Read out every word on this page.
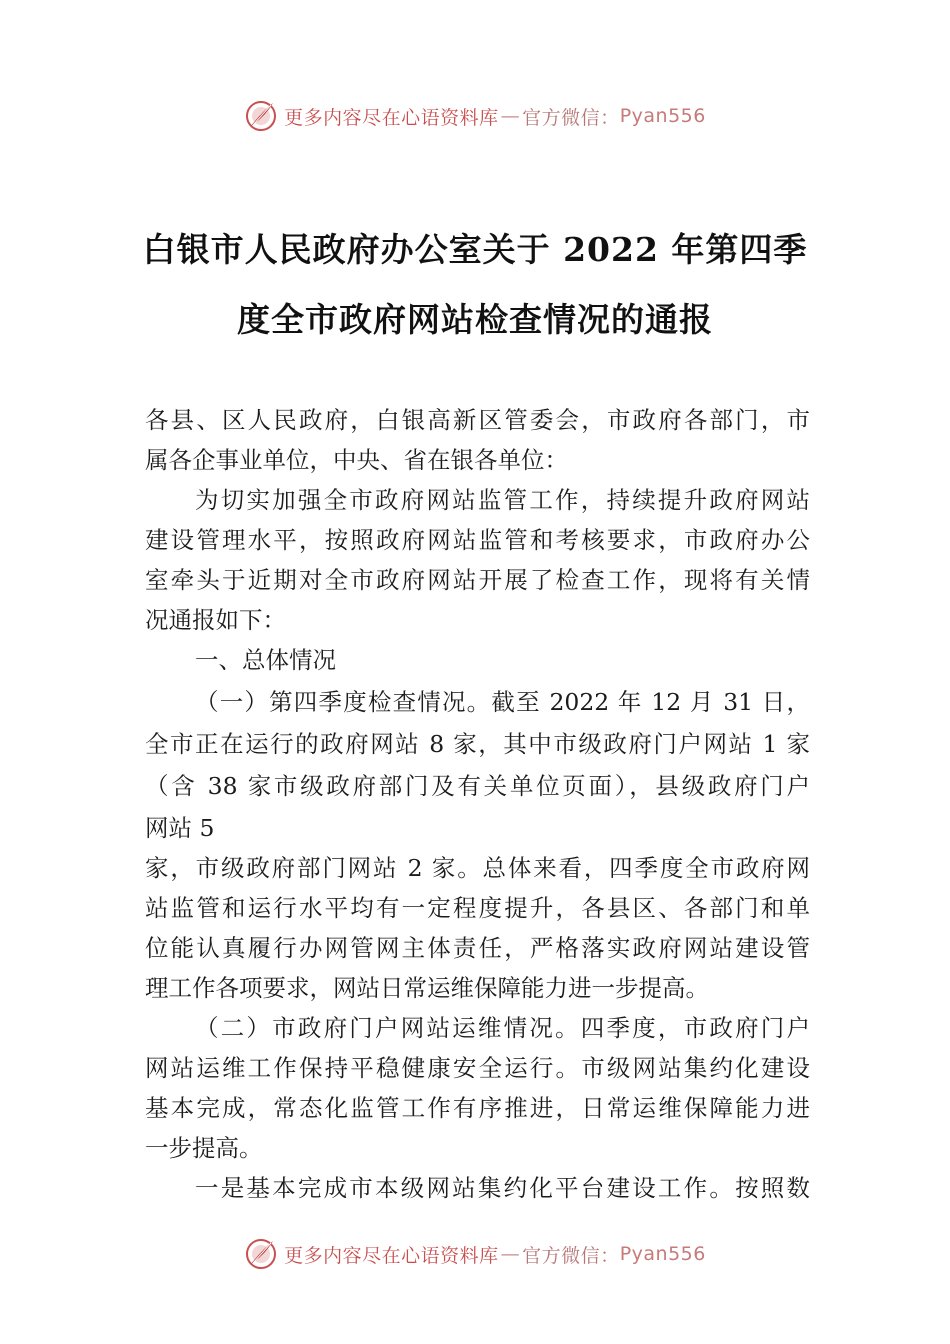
更多内容尽在心语资料库 — 官方微信： Pyan556
白银市人民政府办公室关于 2022 年第四季
度全市政府网站检查情况的通报
各县、区人民政府，白银高新区管委会，市政府各部门，市
属各企事业单位，中央、省在银各单位：
为切实加强全市政府网站监管工作，持续提升政府网站
建设管理水平，按照政府网站监管和考核要求，市政府办公
室牵头于近期对全市政府网站开展了检查工作，现将有关情
况通报如下：
一、总体情况
（一）第四季度检查情况。截至 2022 年 12 月 31 日，
全市正在运行的政府网站 8 家，其中市级政府门户网站 1 家
（含 38 家市级政府部门及有关单位页面），县级政府门户
网站 5
家，市级政府部门网站 2 家。总体来看，四季度全市政府网
站监管和运行水平均有一定程度提升，各县区、各部门和单
位能认真履行办网管网主体责任，严格落实政府网站建设管
理工作各项要求，网站日常运维保障能力进一步提高。
（二）市政府门户网站运维情况。四季度，市政府门户
网站运维工作保持平稳健康安全运行。市级网站集约化建设
基本完成，常态化监管工作有序推进，日常运维保障能力进
一步提高。
一是基本完成市本级网站集约化平台建设工作。按照数
更多内容尽在心语资料库 — 官方微信： Pyan556
